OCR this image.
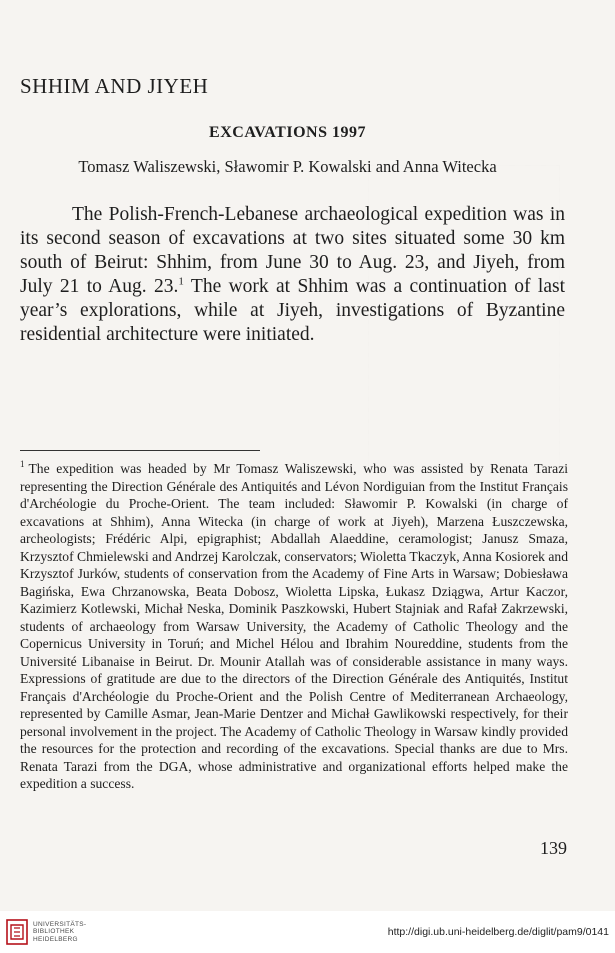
SHHIM AND JIYEH
EXCAVATIONS 1997
Tomasz Waliszewski, Sławomir P. Kowalski and Anna Witecka

The Polish-French-Lebanese archaeological expedition was in its second season of excavations at two sites situated some 30 km south of Beirut: Shhim, from June 30 to Aug. 23, and Jiyeh, from July 21 to Aug. 23.$^1$ The work at Shhim was a continuation of last year’s explorations, while at Jiyeh, investigations of Byzantine residential architecture were initiated.

$^1$ The expedition was headed by Mr Tomasz Waliszewski, who was assisted by Renata Tarazi representing the Direction Générale des Antiquités and Lévon Nordiguian from the Institut Français d'Archéologie du Proche-Orient. The team included: Sławomir P. Kowalski (in charge of excavations at Shhim), Anna Witecka (in charge of work at Jiyeh), Marzena Łuszczewska, archeologists; Frédéric Alpi, epigraphist; Abdallah Alaeddine, ceramologist; Janusz Smaza, Krzysztof Chmielewski and Andrzej Karolczak, conservators; Wioletta Tkaczyk, Anna Kosiorek and Krzysztof Jurków, students of conservation from the Academy of Fine Arts in Warsaw; Dobiesława Bagińska, Ewa Chrzanowska, Beata Dobosz, Wioletta Lipska, Łukasz Dziągwa, Artur Kaczor, Kazimierz Kotlewski, Michał Neska, Dominik Paszkowski, Hubert Stajniak and Rafał Zakrzewski, students of archaeology from Warsaw University, the Academy of Catholic Theology and the Copernicus University in Toruń; and Michel Hélou and Ibrahim Noureddine, students from the Université Libanaise in Beirut. Dr. Mounir Atallah was of considerable assistance in many ways. Expressions of gratitude are due to the directors of the Direction Générale des Antiquités, Institut Français d'Archéologie du Proche-Orient and the Polish Centre of Mediterranean Archaeology, represented by Camille Asmar, Jean-Marie Dentzer and Michał Gawlikowski respectively, for their personal involvement in the project. The Academy of Catholic Theology in Warsaw kindly provided the resources for the protection and recording of the excavations. Special thanks are due to Mrs. Renata Tarazi from the DGA, whose administrative and organizational efforts helped make the expedition a success.

139
UNIVERSITÄTS-
BIBLIOTHEK
HEIDELBERG
http://digi.ub.uni-heidelberg.de/diglit/pam9/0141
